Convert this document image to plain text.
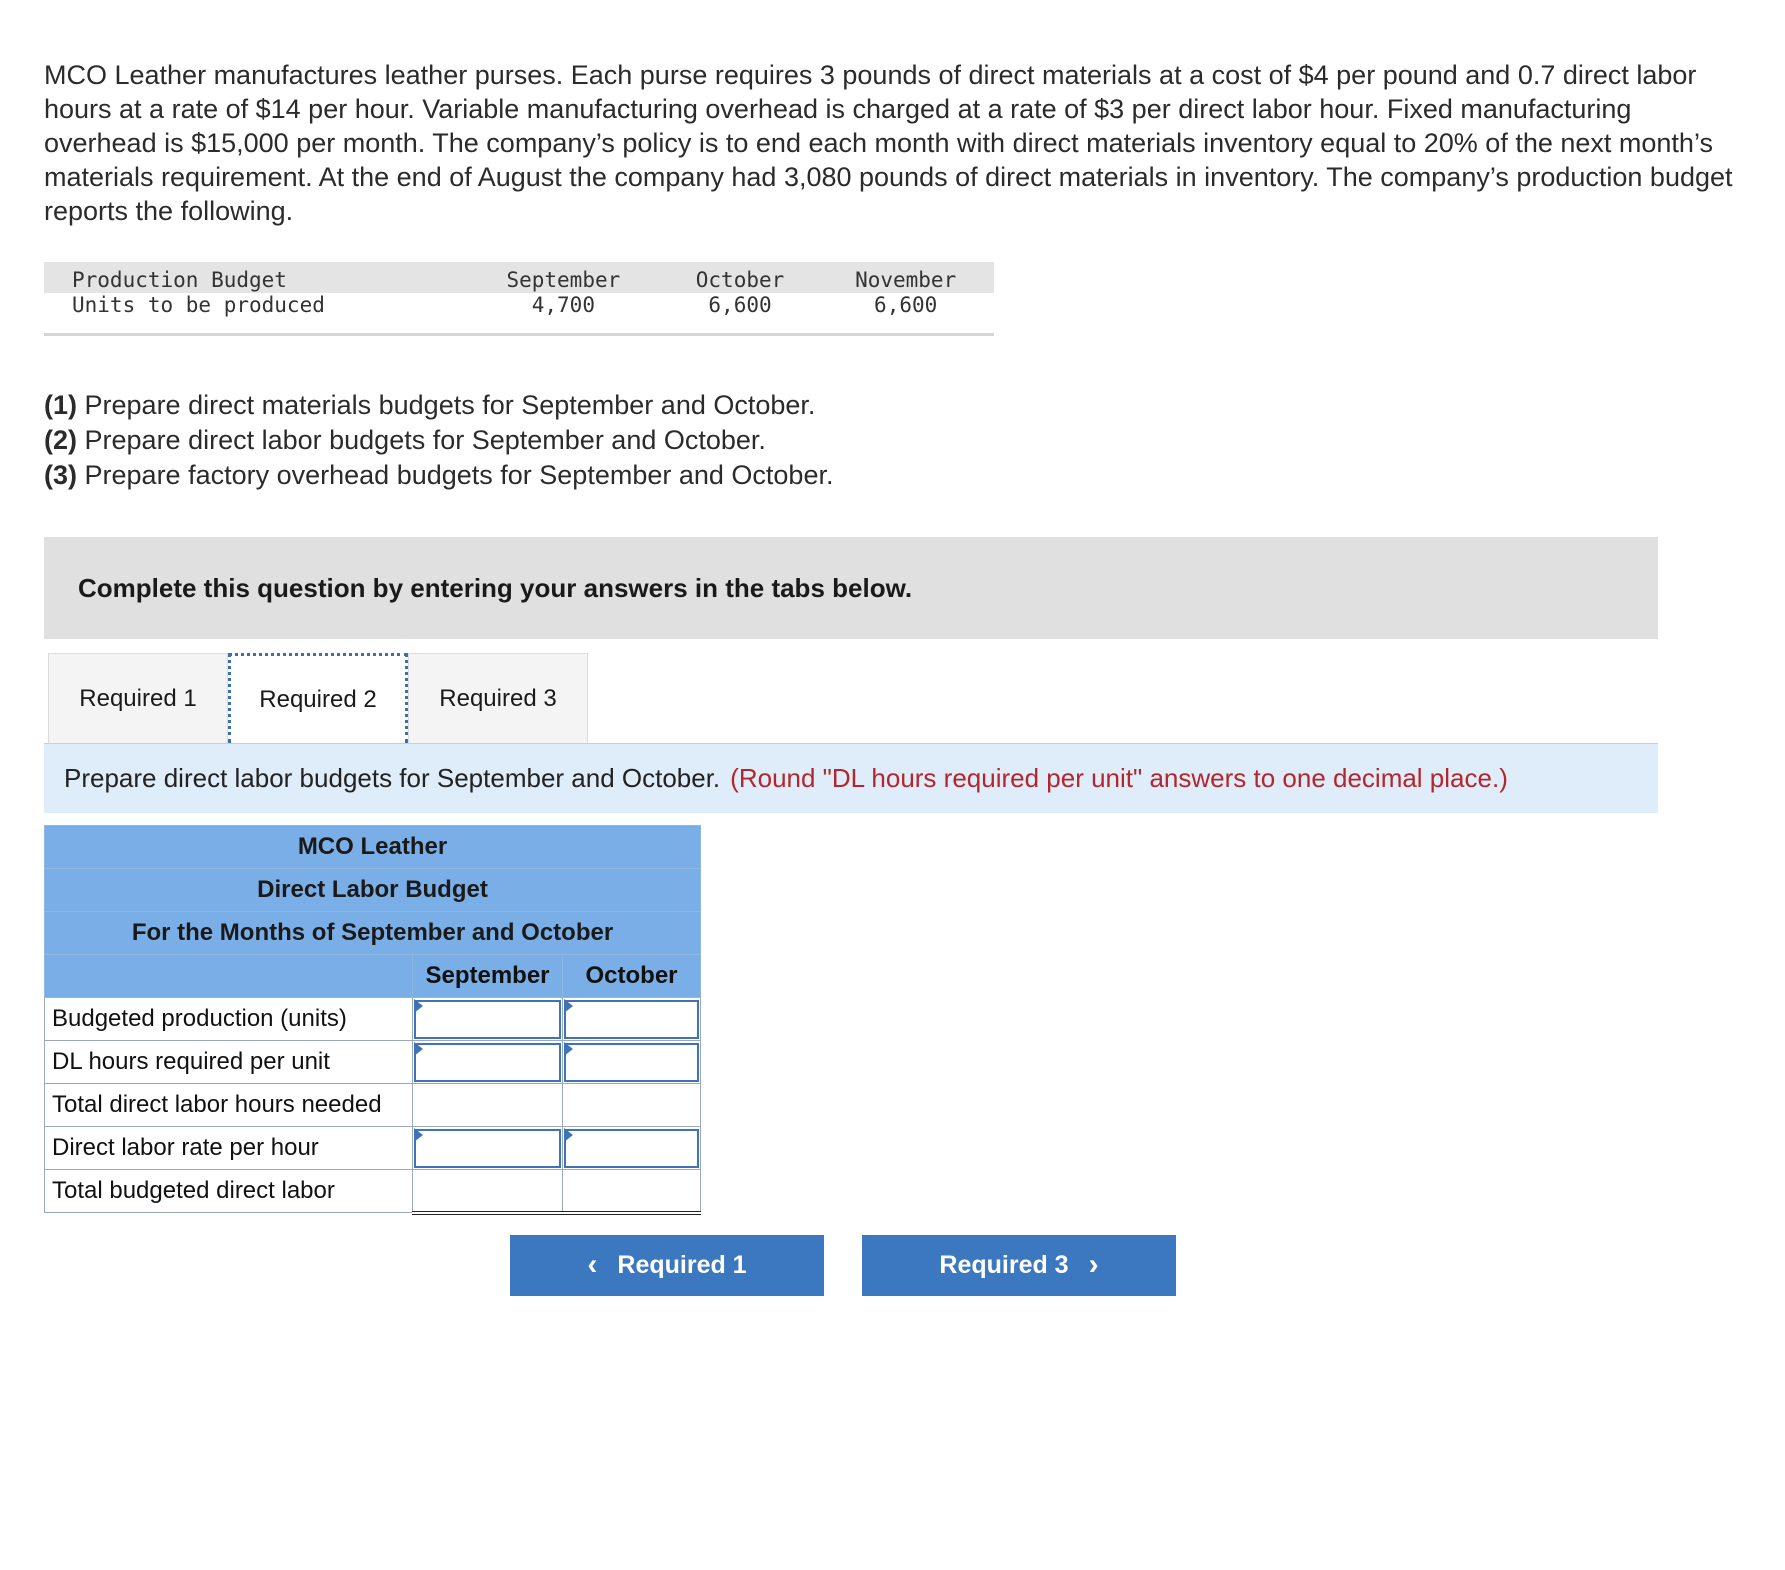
MCO Leather manufactures leather purses. Each purse requires 3 pounds of direct materials at a cost of $4 per pound and 0.7 direct labor hours at a rate of $14 per hour. Variable manufacturing overhead is charged at a rate of $3 per direct labor hour. Fixed manufacturing overhead is $15,000 per month. The company’s policy is to end each month with direct materials inventory equal to 20% of the next month’s materials requirement. At the end of August the company had 3,080 pounds of direct materials in inventory. The company’s production budget reports the following.

Production Budget	September	October	November
Units to be produced	4,700	6,600	6,600

(1) Prepare direct materials budgets for September and October.
(2) Prepare direct labor budgets for September and October.
(3) Prepare factory overhead budgets for September and October.
Complete this question by entering your answers in the tabs below.
Required 1	Required 2	Required 3
Prepare direct labor budgets for September and October. (Round "DL hours required per unit" answers to one decimal place.)
MCO Leather		
Direct Labor Budget		
For the Months of September and October		
	September	October
Budgeted production (units)		
DL hours required per unit		
Total direct labor hours needed		
Direct labor rate per hour		
Total budgeted direct labor		
‹ Required 1	Required 3 ›
